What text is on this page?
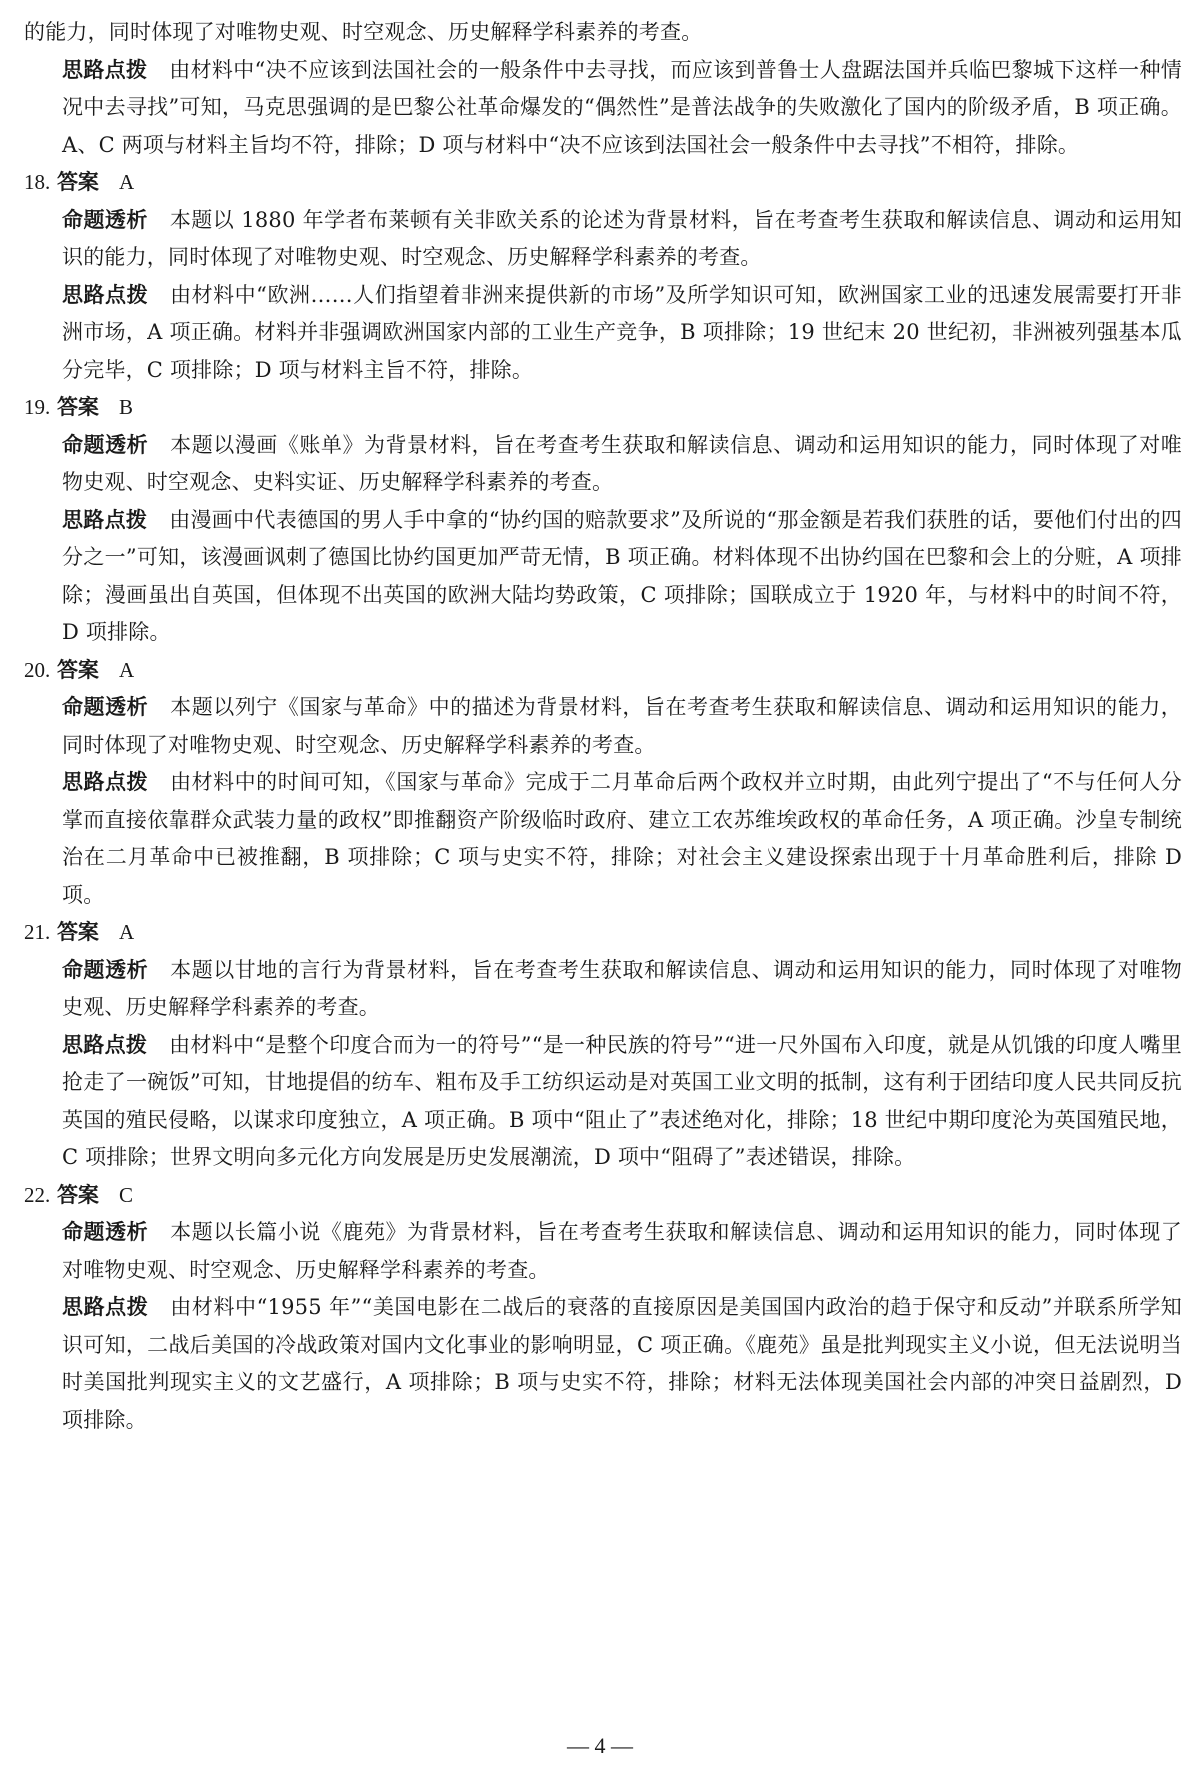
的能力，同时体现了对唯物史观、时空观念、历史解释学科素养的考查。

思路点拨 由材料中“决不应该到法国社会的一般条件中去寻找，而应该到普鲁士人盘踞法国并兵临巴黎城下这样一种情况中去寻找”可知，马克思强调的是巴黎公社革命爆发的“偶然性”是普法战争的失败激化了国内的阶级矛盾，B 项正确。A、C 两项与材料主旨均不符，排除；D 项与材料中“决不应该到法国社会一般条件中去寻找”不相符，排除。

18. 答案 A

命题透析 本题以 1880 年学者布莱顿有关非欧关系的论述为背景材料，旨在考查考生获取和解读信息、调动和运用知识的能力，同时体现了对唯物史观、时空观念、历史解释学科素养的考查。

思路点拨 由材料中“欧洲……人们指望着非洲来提供新的市场”及所学知识可知，欧洲国家工业的迅速发展需要打开非洲市场，A 项正确。材料并非强调欧洲国家内部的工业生产竞争，B 项排除；19 世纪末 20 世纪初，非洲被列强基本瓜分完毕，C 项排除；D 项与材料主旨不符，排除。

19. 答案 B

命题透析 本题以漫画《账单》为背景材料，旨在考查考生获取和解读信息、调动和运用知识的能力，同时体现了对唯物史观、时空观念、史料实证、历史解释学科素养的考查。

思路点拨 由漫画中代表德国的男人手中拿的“协约国的赔款要求”及所说的“那金额是若我们获胜的话，要他们付出的四分之一”可知，该漫画讽刺了德国比协约国更加严苛无情，B 项正确。材料体现不出协约国在巴黎和会上的分赃，A 项排除；漫画虽出自英国，但体现不出英国的欧洲大陆均势政策，C 项排除；国联成立于 1920 年，与材料中的时间不符，D 项排除。

20. 答案 A

命题透析 本题以列宁《国家与革命》中的描述为背景材料，旨在考查考生获取和解读信息、调动和运用知识的能力，同时体现了对唯物史观、时空观念、历史解释学科素养的考查。

思路点拨 由材料中的时间可知，《国家与革命》完成于二月革命后两个政权并立时期，由此列宁提出了“不与任何人分掌而直接依靠群众武装力量的政权”即推翻资产阶级临时政府、建立工农苏维埃政权的革命任务，A 项正确。沙皇专制统治在二月革命中已被推翻，B 项排除；C 项与史实不符，排除；对社会主义建设探索出现于十月革命胜利后，排除 D 项。

21. 答案 A

命题透析 本题以甘地的言行为背景材料，旨在考查考生获取和解读信息、调动和运用知识的能力，同时体现了对唯物史观、历史解释学科素养的考查。

思路点拨 由材料中“是整个印度合而为一的符号”“是一种民族的符号”“进一尺外国布入印度，就是从饥饿的印度人嘴里抢走了一碗饭”可知，甘地提倡的纺车、粗布及手工纺织运动是对英国工业文明的抵制，这有利于团结印度人民共同反抗英国的殖民侵略，以谋求印度独立，A 项正确。B 项中“阻止了”表述绝对化，排除；18 世纪中期印度沦为英国殖民地，C 项排除；世界文明向多元化方向发展是历史发展潮流，D 项中“阻碍了”表述错误，排除。

22. 答案 C

命题透析 本题以长篇小说《鹿苑》为背景材料，旨在考查考生获取和解读信息、调动和运用知识的能力，同时体现了对唯物史观、时空观念、历史解释学科素养的考查。

思路点拨 由材料中“1955 年”“美国电影在二战后的衰落的直接原因是美国国内政治的趋于保守和反动”并联系所学知识可知，二战后美国的冷战政策对国内文化事业的影响明显，C 项正确。《鹿苑》虽是批判现实主义小说，但无法说明当时美国批判现实主义的文艺盛行，A 项排除；B 项与史实不符，排除；材料无法体现美国社会内部的冲突日益剧烈，D 项排除。

— 4 —
